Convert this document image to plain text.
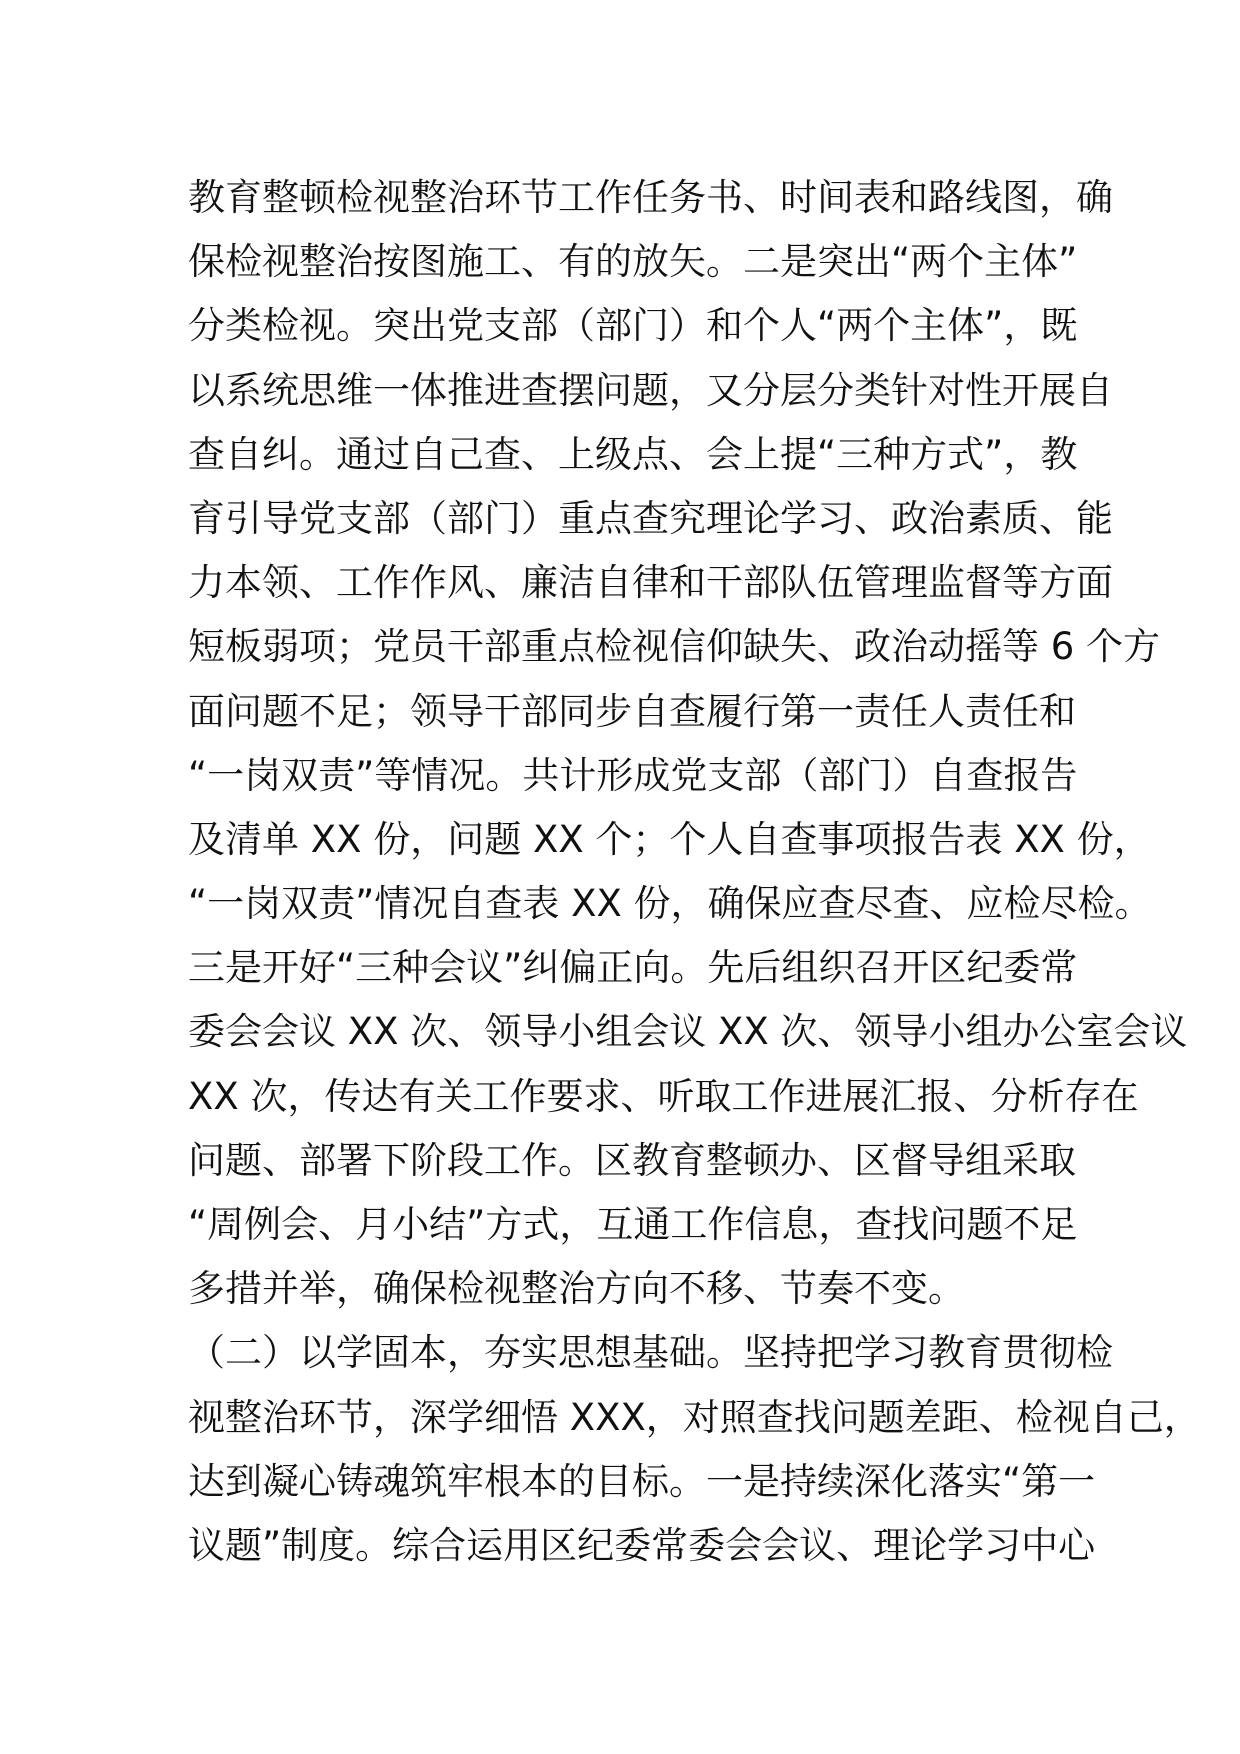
教育整顿检视整治环节工作任务书、时间表和路线图，确
保检视整治按图施工、有的放矢。二是突出“两个主体”
分类检视。突出党支部（部门）和个人“两个主体”，既
以系统思维一体推进查摆问题，又分层分类针对性开展自
查自纠。通过自己查、上级点、会上提“三种方式”，教
育引导党支部（部门）重点查究理论学习、政治素质、能
力本领、工作作风、廉洁自律和干部队伍管理监督等方面
短板弱项；党员干部重点检视信仰缺失、政治动摇等 6 个方
面问题不足；领导干部同步自查履行第一责任人责任和
“一岗双责”等情况。共计形成党支部（部门）自查报告
及清单 XX 份，问题 XX 个；个人自查事项报告表 XX 份，
“一岗双责”情况自查表 XX 份，确保应查尽查、应检尽检。
三是开好“三种会议”纠偏正向。先后组织召开区纪委常
委会会议 XX 次、领导小组会议 XX 次、领导小组办公室会议
XX 次，传达有关工作要求、听取工作进展汇报、分析存在
问题、部署下阶段工作。区教育整顿办、区督导组采取
“周例会、月小结”方式，互通工作信息，查找问题不足
多措并举，确保检视整治方向不移、节奏不变。
（二）以学固本，夯实思想基础。坚持把学习教育贯彻检
视整治环节，深学细悟 XXX，对照查找问题差距、检视自己，
达到凝心铸魂筑牢根本的目标。一是持续深化落实“第一
议题”制度。综合运用区纪委常委会会议、理论学习中心
